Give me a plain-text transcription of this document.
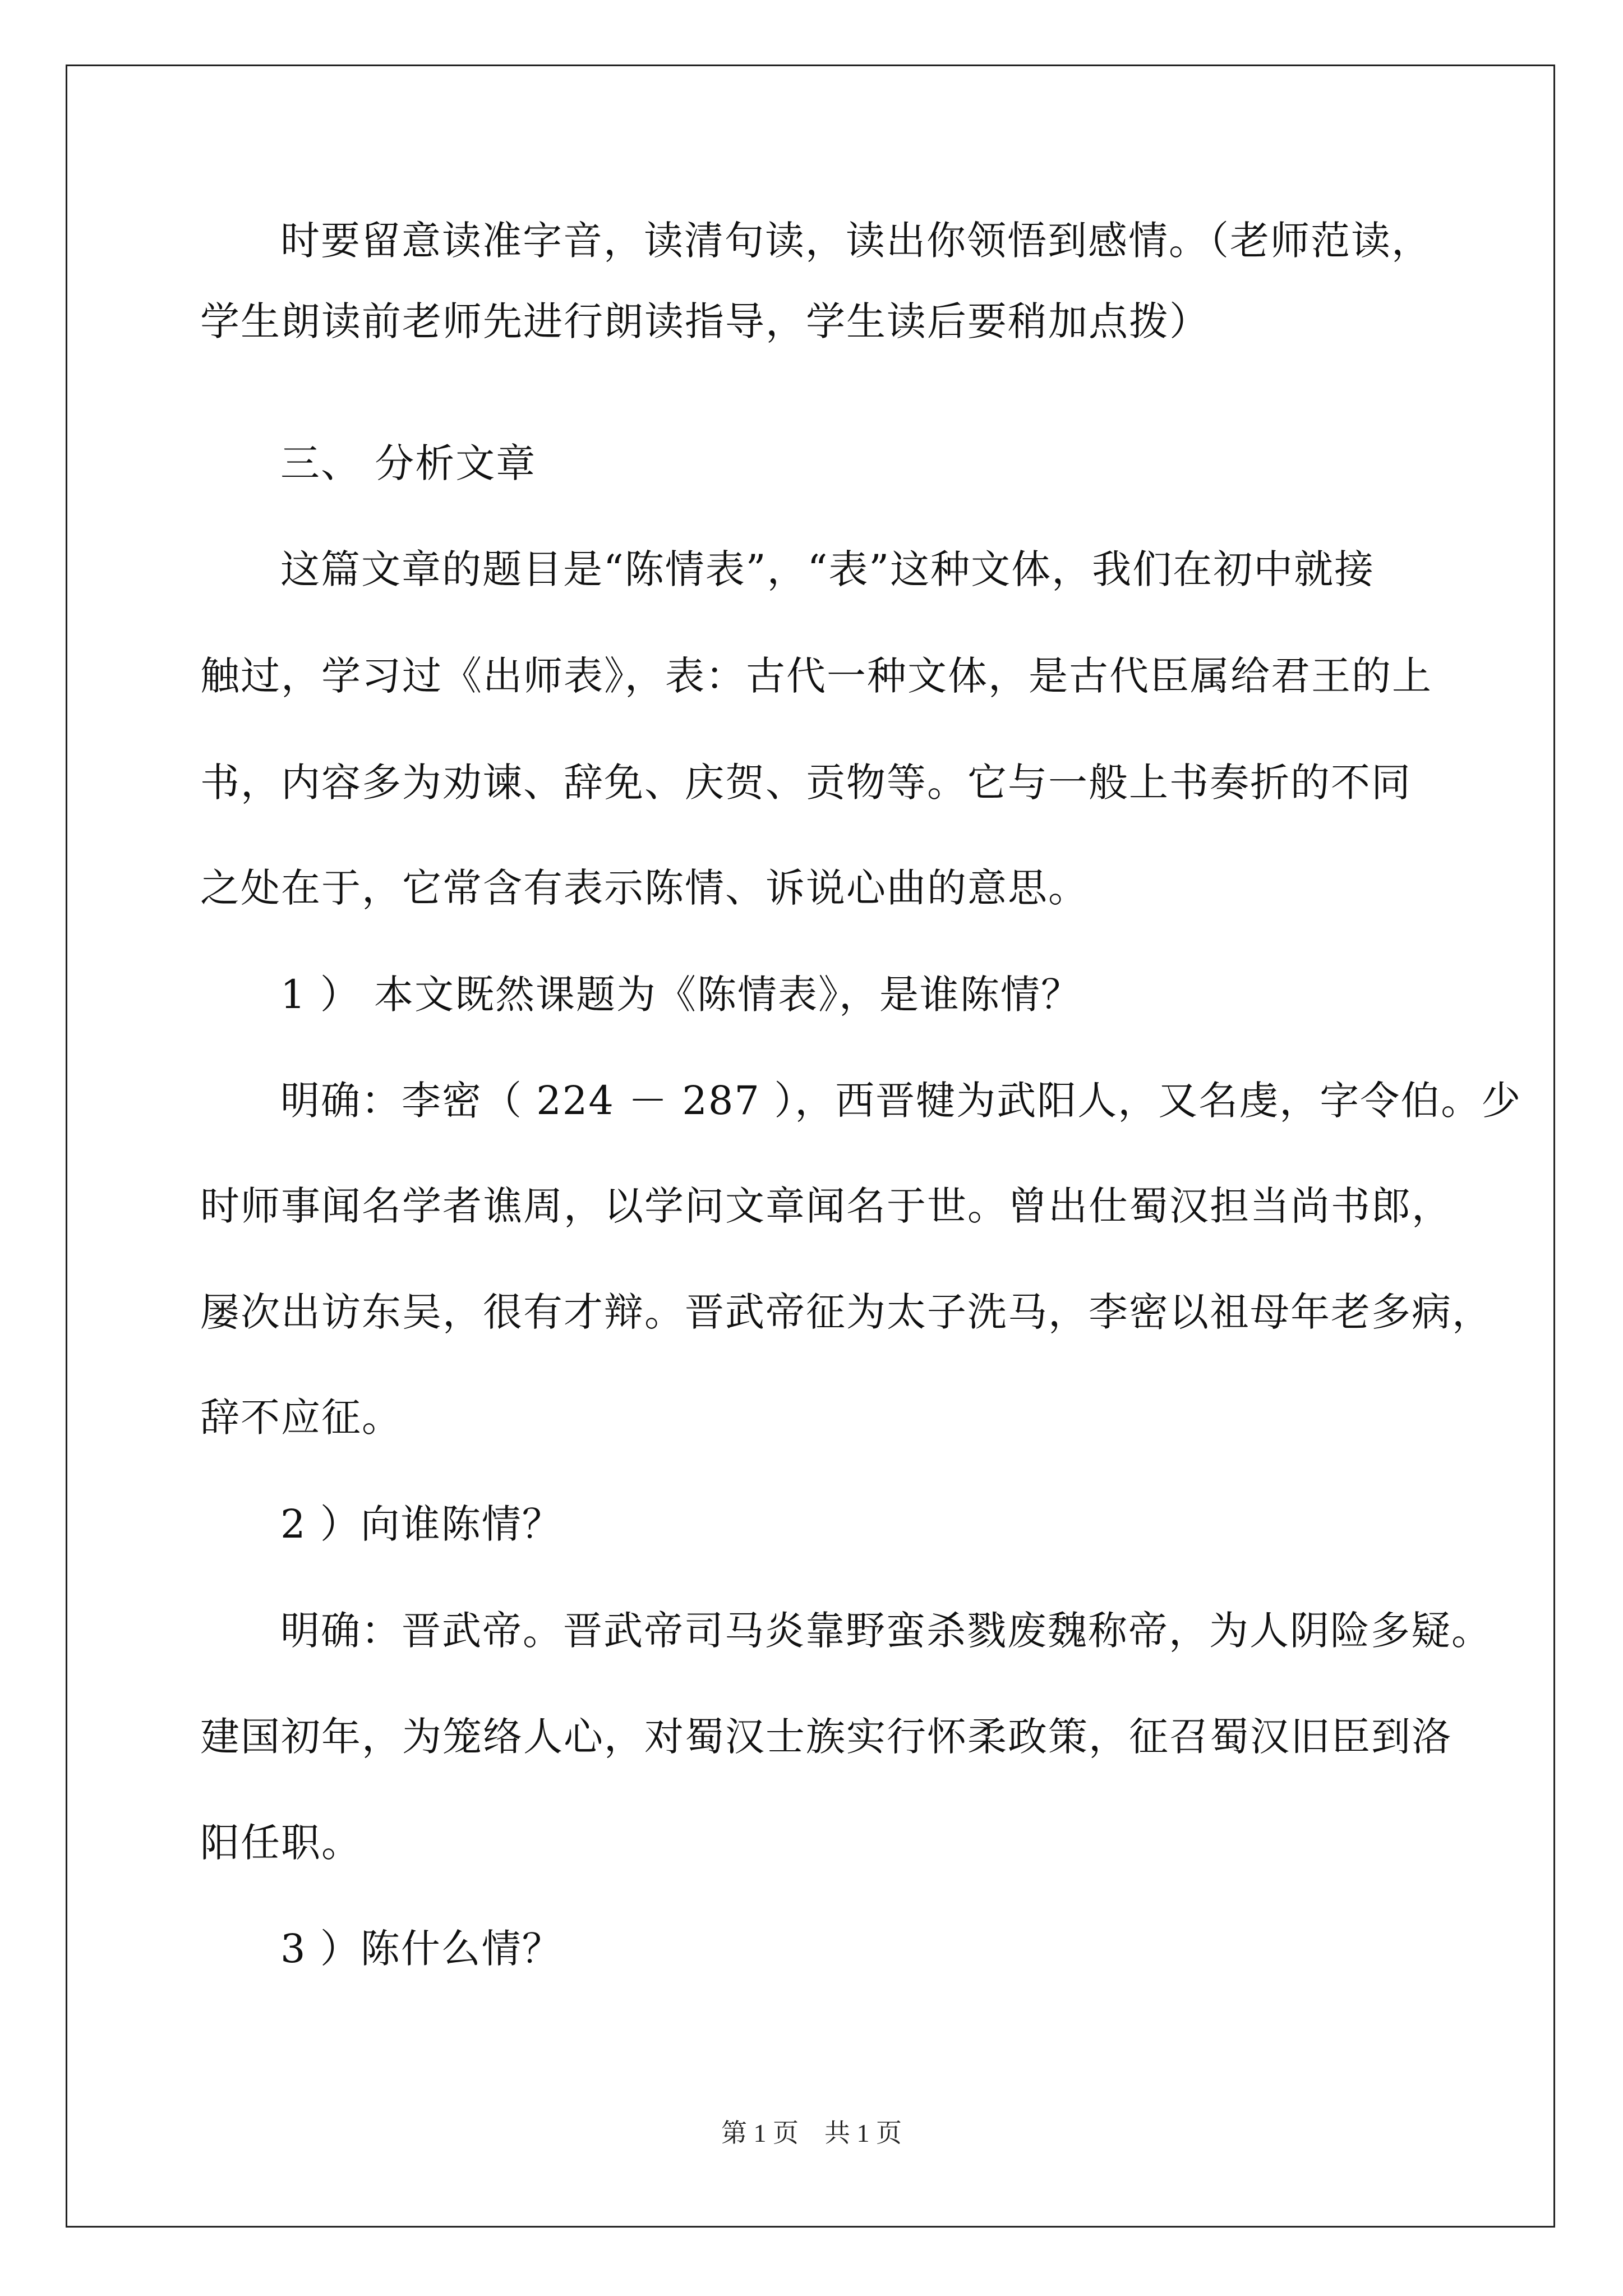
时要留意读准字音，读清句读，读出你领悟到感情。（老师范读，
学生朗读前老师先进行朗读指导，学生读后要稍加点拨）
三、 分析文章
这篇文章的题目是“陈情表”，“表”这种文体，我们在初中就接
触过，学习过《出师表》，表：古代一种文体，是古代臣属给君王的上
书，内容多为劝谏、辞免、庆贺、贡物等。它与一般上书奏折的不同
之处在于，它常含有表示陈情、诉说心曲的意思。
1 ） 本文既然课题为《陈情表》，是谁陈情？
明确：李密（ 224 － 287 ），西晋犍为武阳人，又名虔，字令伯。少
时师事闻名学者谯周，以学问文章闻名于世。曾出仕蜀汉担当尚书郎，
屡次出访东吴，很有才辩。晋武帝征为太子洗马，李密以祖母年老多病，
辞不应征。
2 ）向谁陈情？
明确：晋武帝。晋武帝司马炎靠野蛮杀戮废魏称帝，为人阴险多疑。
建国初年，为笼络人心，对蜀汉士族实行怀柔政策，征召蜀汉旧臣到洛
阳任职。
3 ）陈什么情？
第 1 页　共 1 页
